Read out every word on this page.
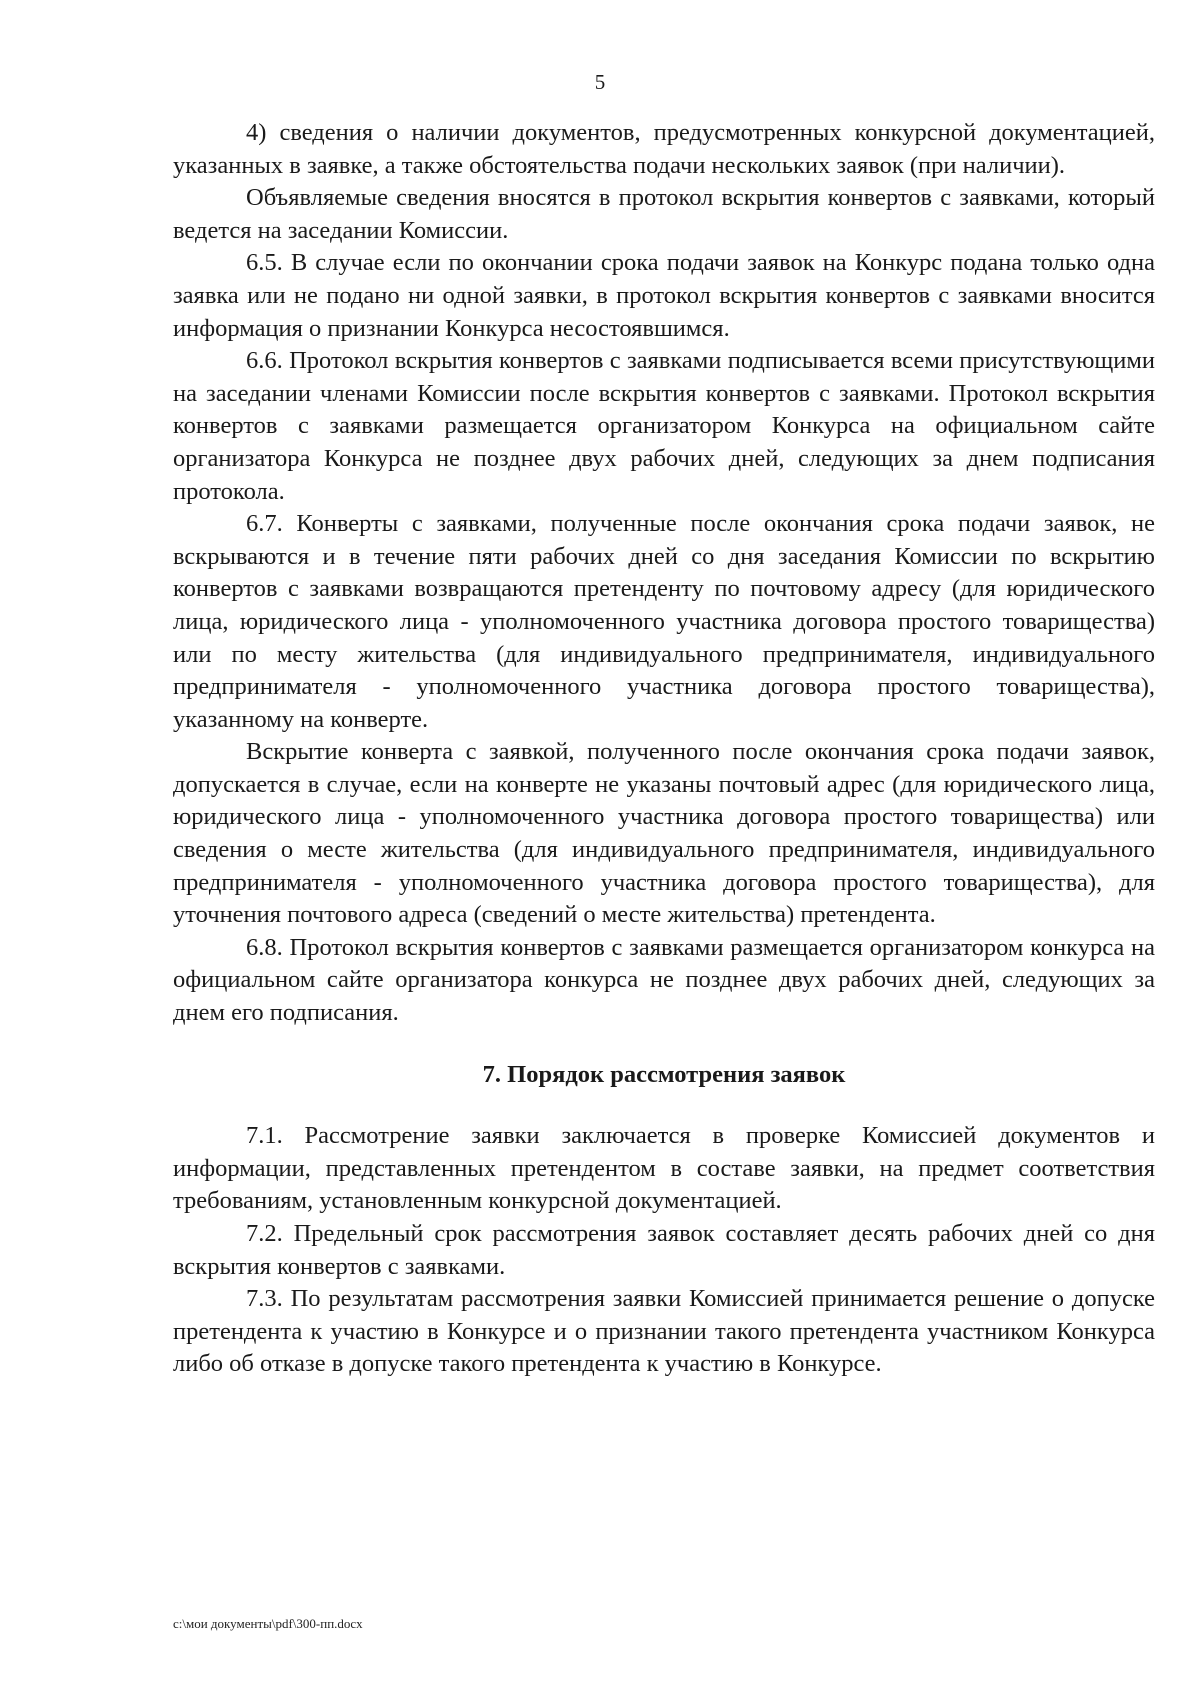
5

4) сведения о наличии документов, предусмотренных конкурсной документацией, указанных в заявке, а также обстоятельства подачи нескольких заявок (при наличии).

Объявляемые сведения вносятся в протокол вскрытия конвертов с заявками, который ведется на заседании Комиссии.

6.5. В случае если по окончании срока подачи заявок на Конкурс подана только одна заявка или не подано ни одной заявки, в протокол вскрытия конвертов с заявками вносится информация о признании Конкурса несостоявшимся.

6.6. Протокол вскрытия конвертов с заявками подписывается всеми присутствующими на заседании членами Комиссии после вскрытия конвертов с заявками. Протокол вскрытия конвертов с заявками размещается организатором Конкурса на официальном сайте организатора Конкурса не позднее двух рабочих дней, следующих за днем подписания протокола.

6.7. Конверты с заявками, полученные после окончания срока подачи заявок, не вскрываются и в течение пяти рабочих дней со дня заседания Комиссии по вскрытию конвертов с заявками возвращаются претенденту по почтовому адресу (для юридического лица, юридического лица - уполномоченного участника договора простого товарищества) или по месту жительства (для индивидуального предпринимателя, индивидуального предпринимателя - уполномоченного участника договора простого товарищества), указанному на конверте.

Вскрытие конверта с заявкой, полученного после окончания срока подачи заявок, допускается в случае, если на конверте не указаны почтовый адрес (для юридического лица, юридического лица - уполномоченного участника договора простого товарищества) или сведения о месте жительства (для индивидуального предпринимателя, индивидуального предпринимателя - уполномоченного участника договора простого товарищества), для уточнения почтового адреса (сведений о месте жительства) претендента.

6.8. Протокол вскрытия конвертов с заявками размещается организатором конкурса на официальном сайте организатора конкурса не позднее двух рабочих дней, следующих за днем его подписания.

7. Порядок рассмотрения заявок

7.1. Рассмотрение заявки заключается в проверке Комиссией документов и информации, представленных претендентом в составе заявки, на предмет соответствия требованиям, установленным конкурсной документацией.

7.2. Предельный срок рассмотрения заявок составляет десять рабочих дней со дня вскрытия конвертов с заявками.

7.3. По результатам рассмотрения заявки Комиссией принимается решение о допуске претендента к участию в Конкурсе и о признании такого претендента участником Конкурса либо об отказе в допуске такого претендента к участию в Конкурсе.

c:\мои документы\pdf\300-пп.docx
